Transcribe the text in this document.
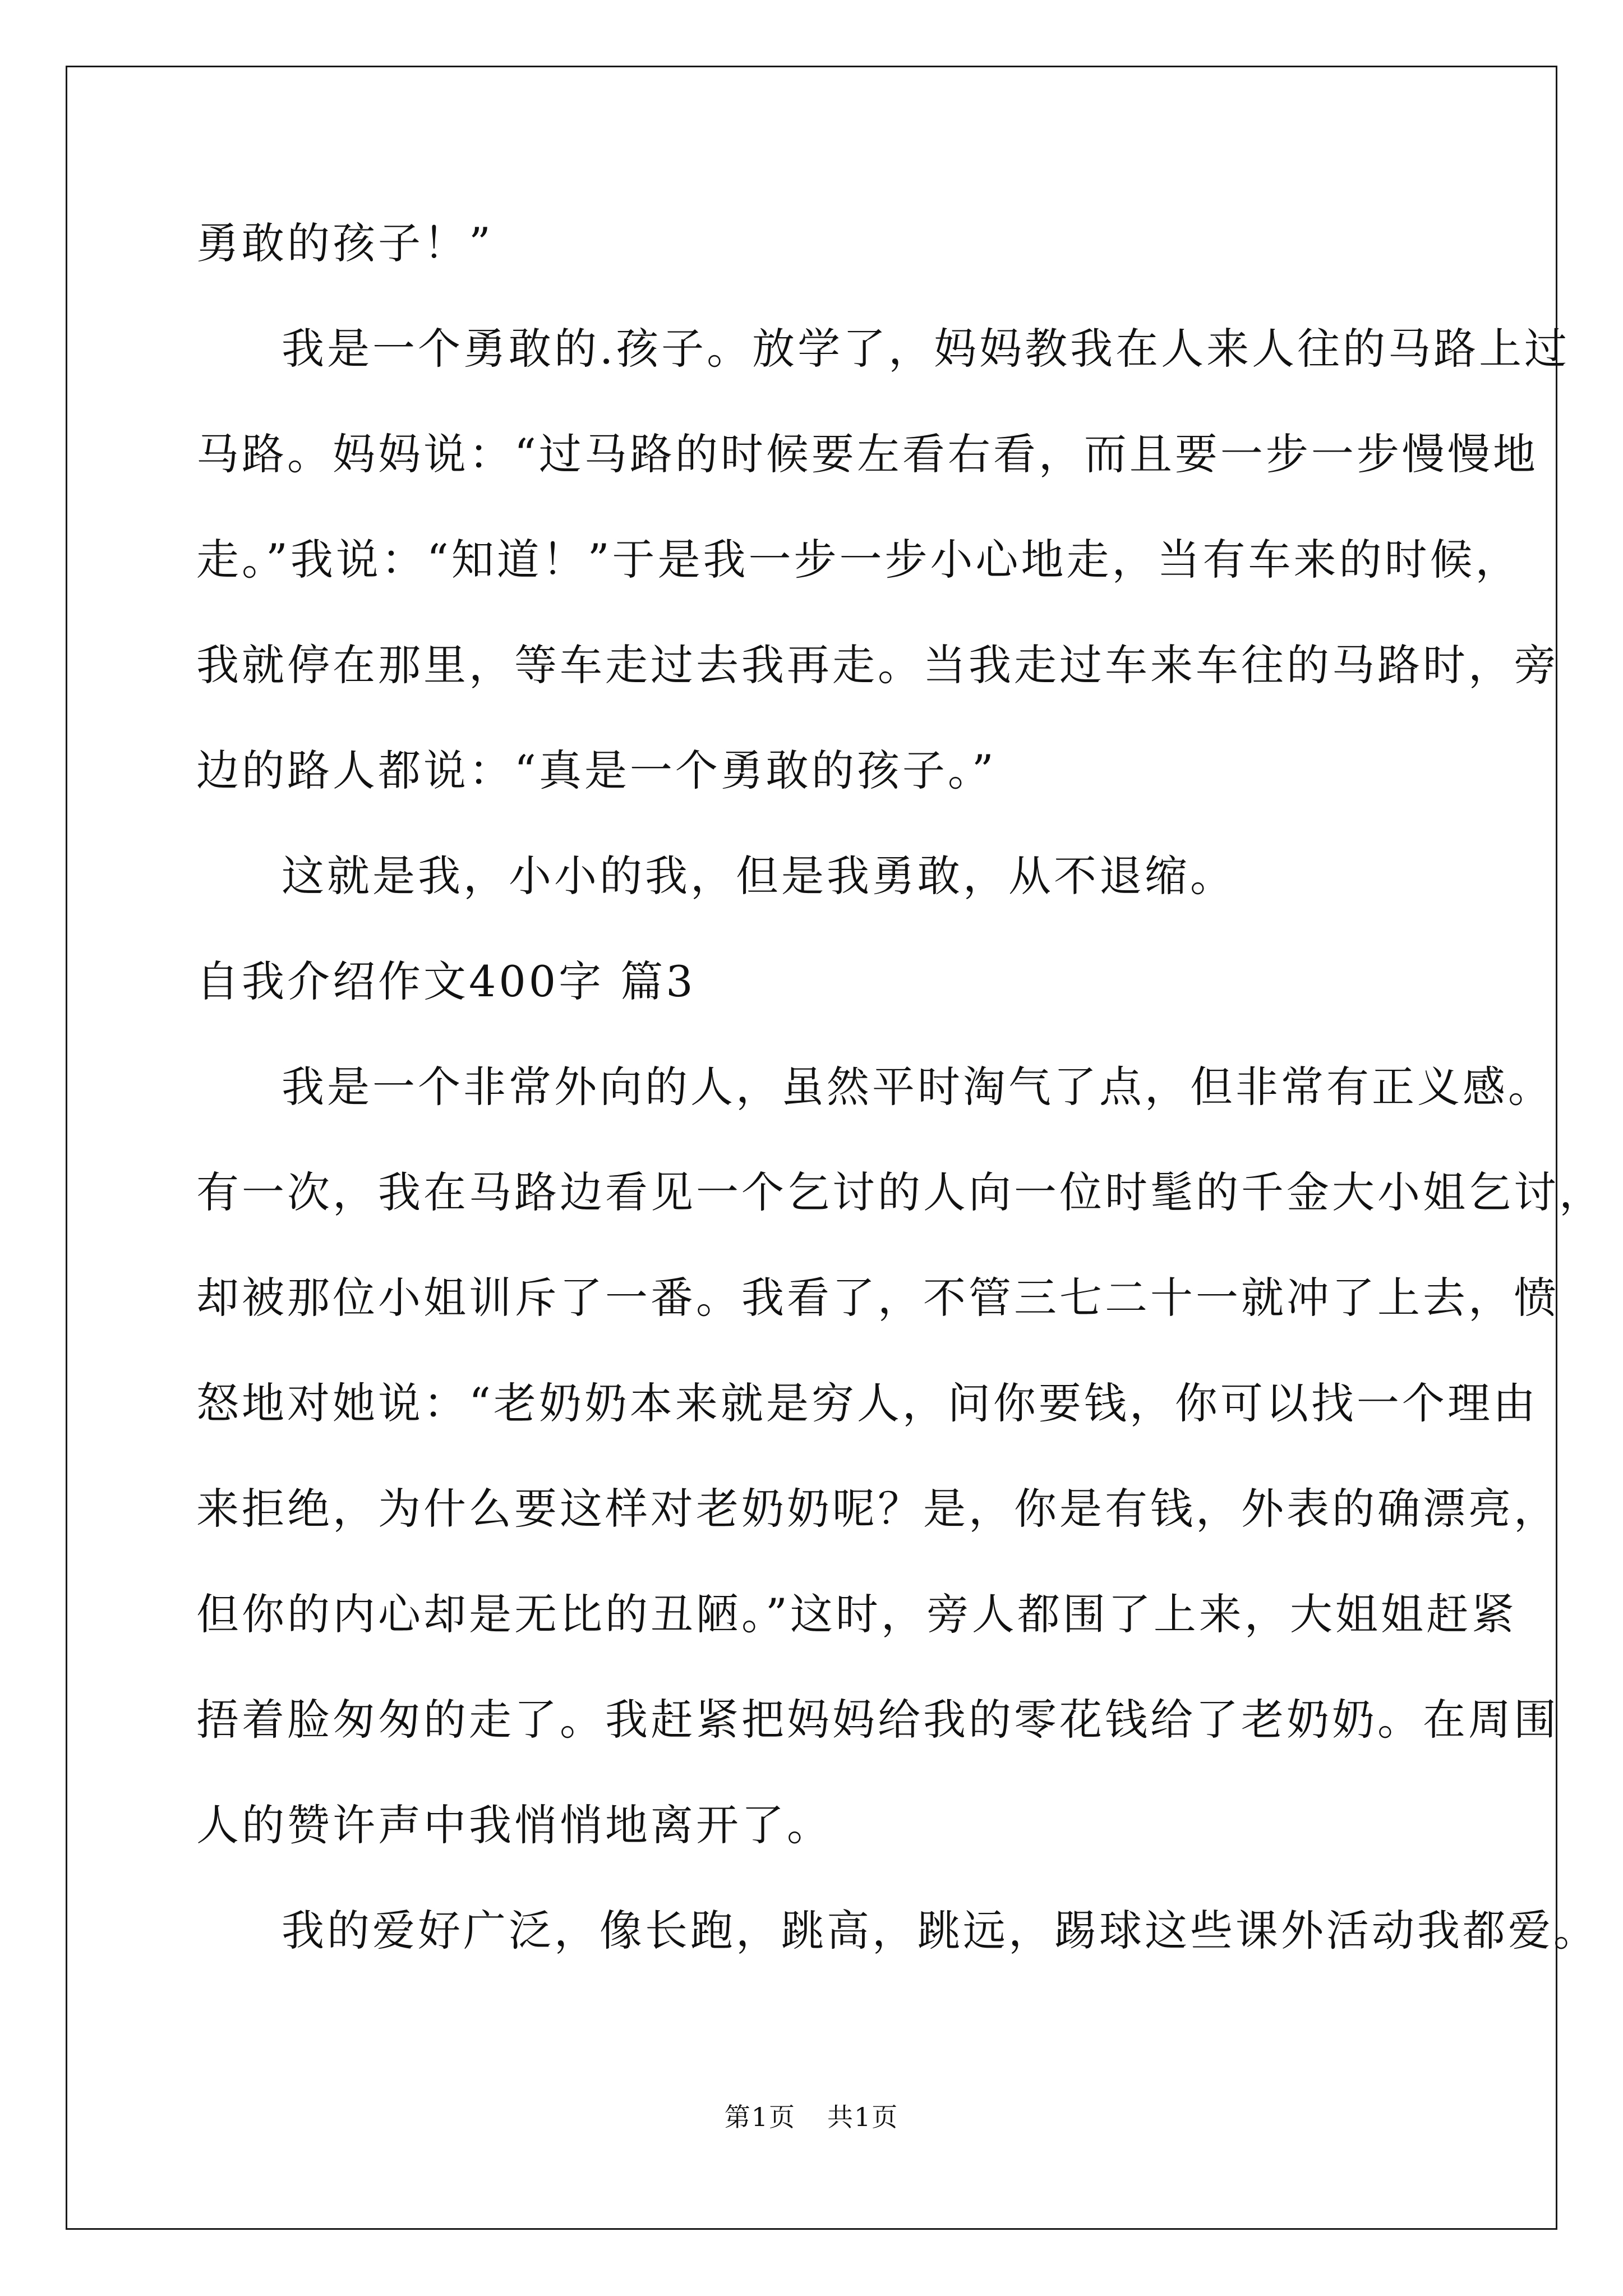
勇敢的孩子！”
我是一个勇敢的.孩子。放学了，妈妈教我在人来人往的马路上过
马路。妈妈说：“过马路的时候要左看右看，而且要一步一步慢慢地
走。”我说：“知道！”于是我一步一步小心地走，当有车来的时候，
我就停在那里，等车走过去我再走。当我走过车来车往的马路时，旁
边的路人都说：“真是一个勇敢的孩子。”
这就是我，小小的我，但是我勇敢，从不退缩。
自我介绍作文400字 篇3
我是一个非常外向的人，虽然平时淘气了点，但非常有正义感。
有一次，我在马路边看见一个乞讨的人向一位时髦的千金大小姐乞讨，
却被那位小姐训斥了一番。我看了，不管三七二十一就冲了上去，愤
怒地对她说：“老奶奶本来就是穷人，问你要钱，你可以找一个理由
来拒绝，为什么要这样对老奶奶呢？是，你是有钱，外表的确漂亮，
但你的内心却是无比的丑陋。”这时，旁人都围了上来，大姐姐赶紧
捂着脸匆匆的走了。我赶紧把妈妈给我的零花钱给了老奶奶。在周围
人的赞许声中我悄悄地离开了。
我的爱好广泛，像长跑，跳高，跳远，踢球这些课外活动我都爱。
第1页 共1页
